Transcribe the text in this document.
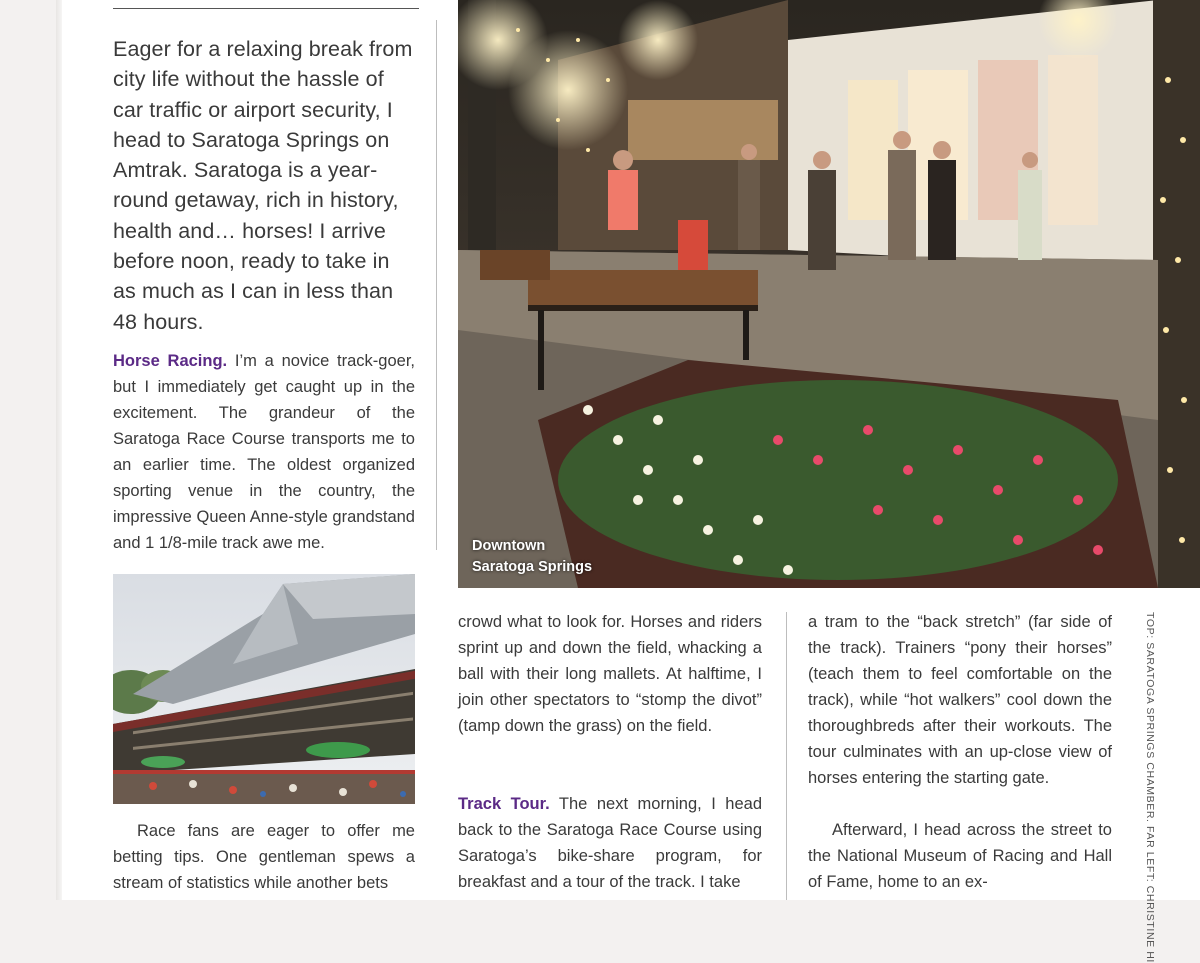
Eager for a relaxing break from city life without the hassle of car traffic or airport security, I head to Saratoga Springs on Amtrak. Saratoga is a year-round getaway, rich in history, health and… horses! I arrive before noon, ready to take in as much as I can in less than 48 hours.

Horse Racing. I’m a novice track-goer, but I immediately get caught up in the excitement. The grandeur of the Saratoga Race Course transports me to an earlier time. The oldest organized sporting venue in the country, the impressive Queen Anne-style grandstand and 1 1/8-mile track awe me.

Race fans are eager to offer me betting tips. One gentleman spews a stream of statistics while another bets

Downtown
Saratoga Springs

crowd what to look for. Horses and riders sprint up and down the field, whacking a ball with their long mallets. At halftime, I join other spectators to “stomp the divot” (tamp down the grass) on the field.

Track Tour. The next morning, I head back to the Saratoga Race Course using Saratoga’s bike-share program, for breakfast and a tour of the track. I take

a tram to the “back stretch” (far side of the track). Trainers “pony their horses” (teach them to feel comfortable on the track), while “hot walkers” cool down the thoroughbreds after their workouts. The tour culminates with an up-close view of horses entering the starting gate.

Afterward, I head across the street to the National Museum of Racing and Hall of Fame, home to an ex-	TOP: SARATOGA SPRINGS CHAMBER. FAR LEFT: CHRISTINE HI
